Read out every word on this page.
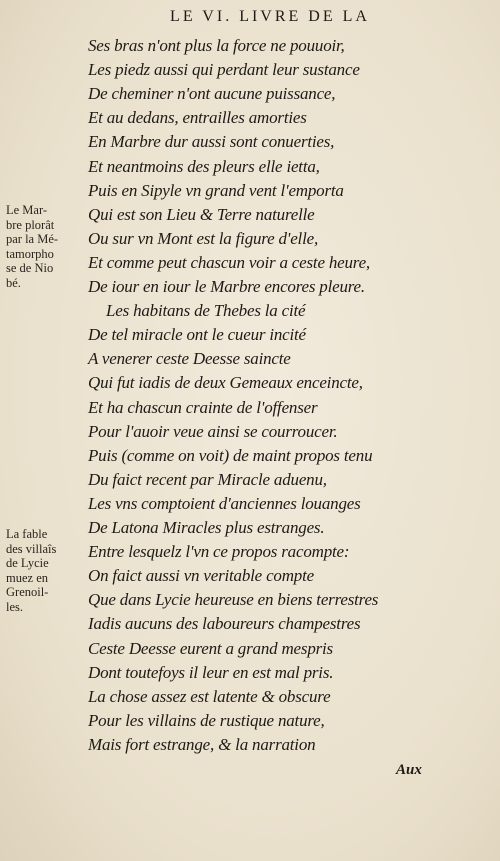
LE VI. LIVRE DE LA
Ses bras n'ont plus la force ne pouuoir,
Les piedz aussi qui perdant leur sustance
De cheminer n'ont aucune puissance,
Et au dedans, entrailles amorties
En Marbre dur aussi sont conuerties,
Et neantmoins des pleurs elle ietta,
Puis en Sipyle vn grand vent l'emporta
Qui est son Lieu & Terre naturelle
Ou sur vn Mont est la figure d'elle,
Et comme peut chascun voir a ceste heure,
De iour en iour le Marbre encores pleure.
Les habitans de Thebes la cité
De tel miracle ont le cueur incité
A venerer ceste Deesse saincte
Qui fut iadis de deux Gemeaux enceincte,
Et ha chascun crainte de l'offenser
Pour l'auoir veue ainsi se courroucer.
Puis (comme on voit) de maint propos tenu
Du faict recent par Miracle aduenu,
Les vns comptoient d'anciennes louanges
De Latona Miracles plus estranges.
Entre lesquelz l'vn ce propos racompte:
On faict aussi vn veritable compte
Que dans Lycie heureuse en biens terrestres
Iadis aucuns des laboureurs champestres
Ceste Deesse eurent a grand mespris
Dont toutefoys il leur en est mal pris.
La chose assez est latente & obscure
Pour les villains de rustique nature,
Mais fort estrange, & la narration
Le Mar-
bre plorât
par la Mé-
tamorpho
se de Nio
bé.
La fable
des villaîs
de Lycie
muez en
Grenoil-
les.
Aux
